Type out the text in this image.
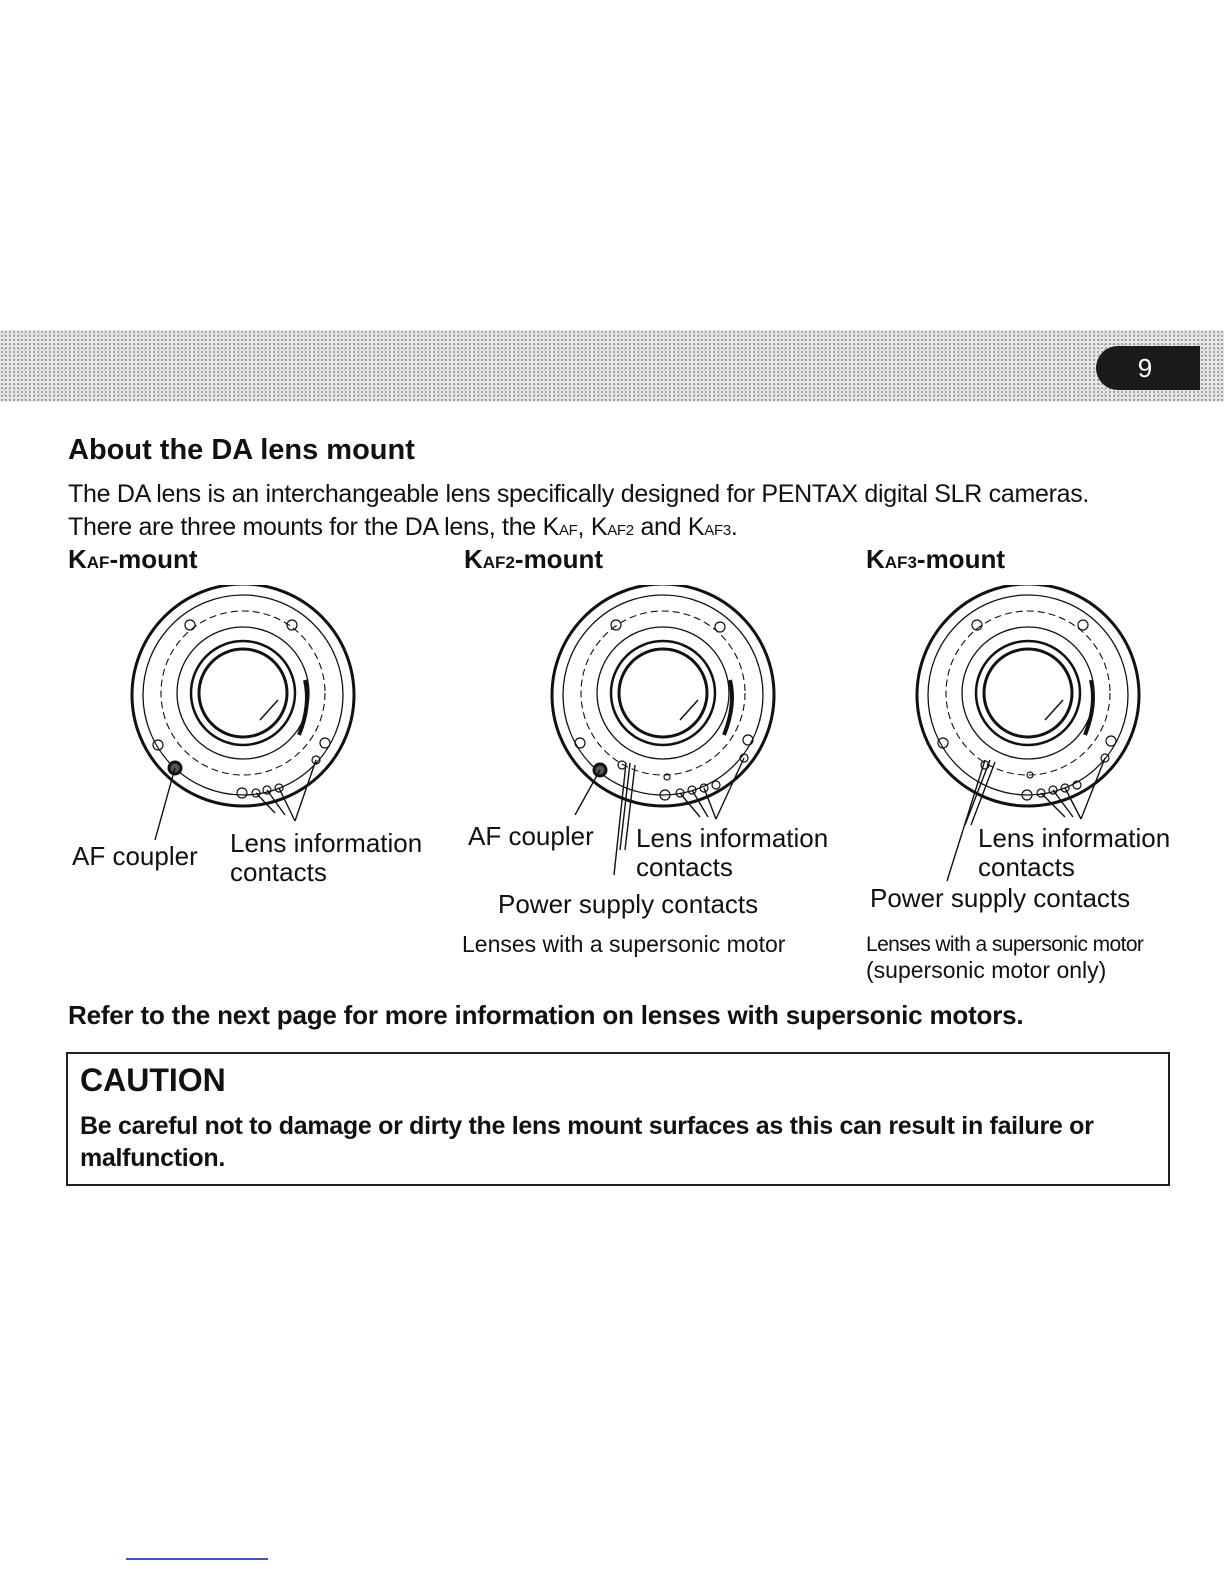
9
About the DA lens mount

The DA lens is an interchangeable lens specifically designed for PENTAX digital SLR cameras.
There are three mounts for the DA lens, the KAF, KAF2 and KAF3.

KAF-mount	KAF2-mount	KAF3-mount
AF coupler Lens information
contacts
AF coupler Lens information
contacts
Power supply contacts
Lenses with a supersonic motor
Lens information
contacts
Power supply contacts
Lenses with a supersonic motor
(supersonic motor only)
Refer to the next page for more information on lenses with supersonic motors.
CAUTION

Be careful not to damage or dirty the lens mount surfaces as this can result in failure or malfunction.
